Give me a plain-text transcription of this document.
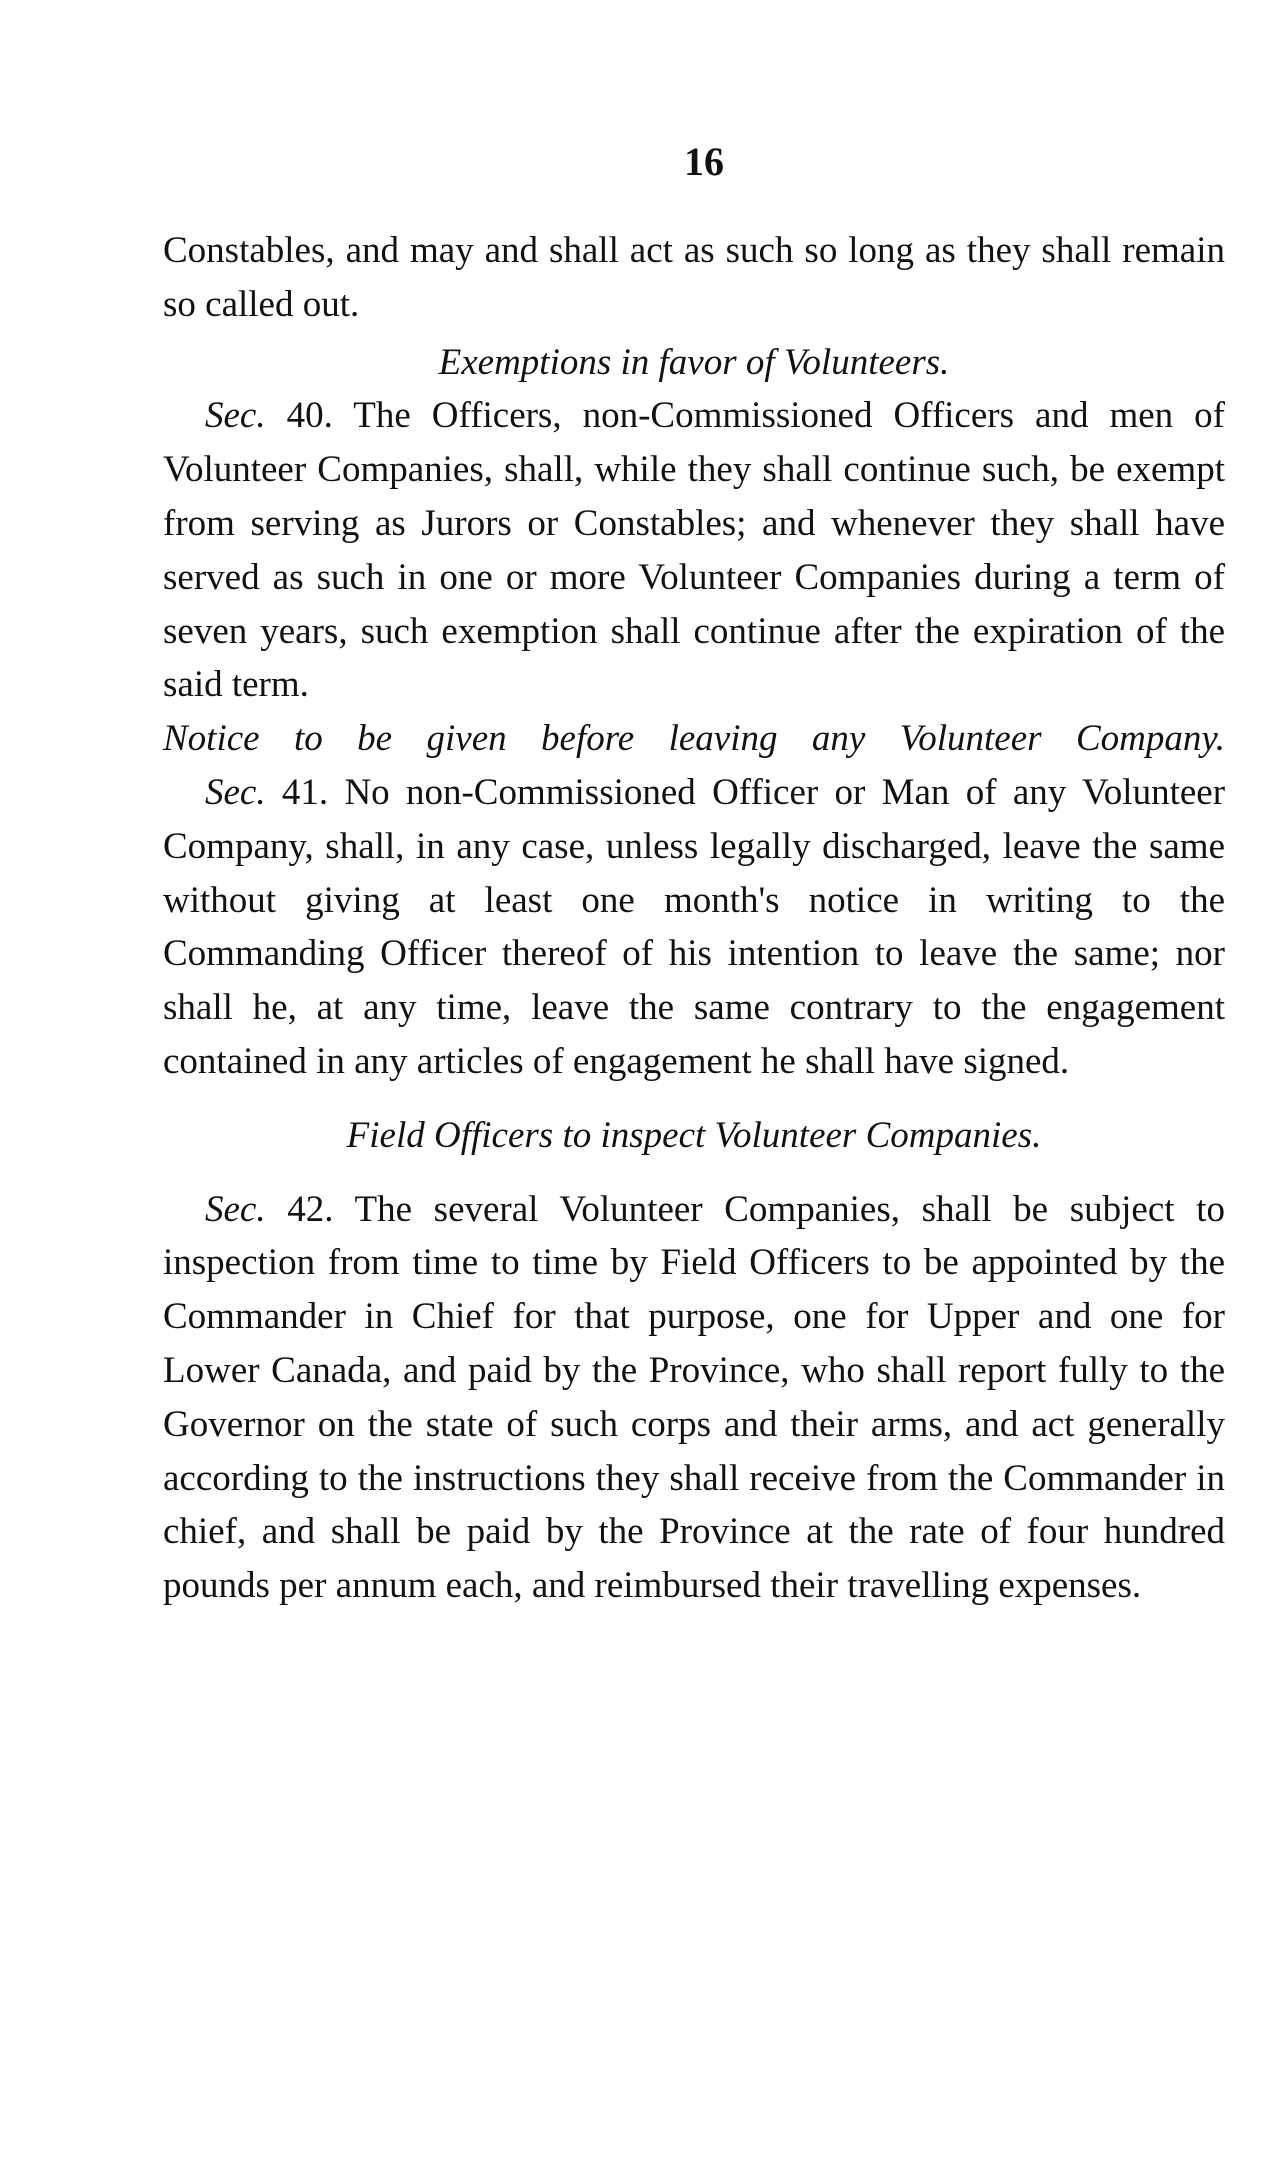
16

Constables, and may and shall act as such so long as they shall remain so called out.

Exemptions in favor of Volunteers.

Sec. 40. The Officers, non-Commissioned Officers and men of Volunteer Companies, shall, while they shall continue such, be exempt from serving as Jurors or Constables; and whenever they shall have served as such in one or more Volunteer Companies during a term of seven years, such exemption shall continue after the expiration of the said term.

Notice to be given before leaving any Volunteer Company.

Sec. 41. No non-Commissioned Officer or Man of any Volunteer Company, shall, in any case, unless legally discharged, leave the same without giving at least one month's notice in writing to the Commanding Officer thereof of his intention to leave the same; nor shall he, at any time, leave the same contrary to the engagement contained in any articles of engagement he shall have signed.

Field Officers to inspect Volunteer Companies.

Sec. 42. The several Volunteer Companies, shall be subject to inspection from time to time by Field Officers to be appointed by the Commander in Chief for that purpose, one for Upper and one for Lower Canada, and paid by the Province, who shall report fully to the Governor on the state of such corps and their arms, and act generally according to the instructions they shall receive from the Commander in chief, and shall be paid by the Province at the rate of four hundred pounds per annum each, and reimbursed their travelling expenses.
